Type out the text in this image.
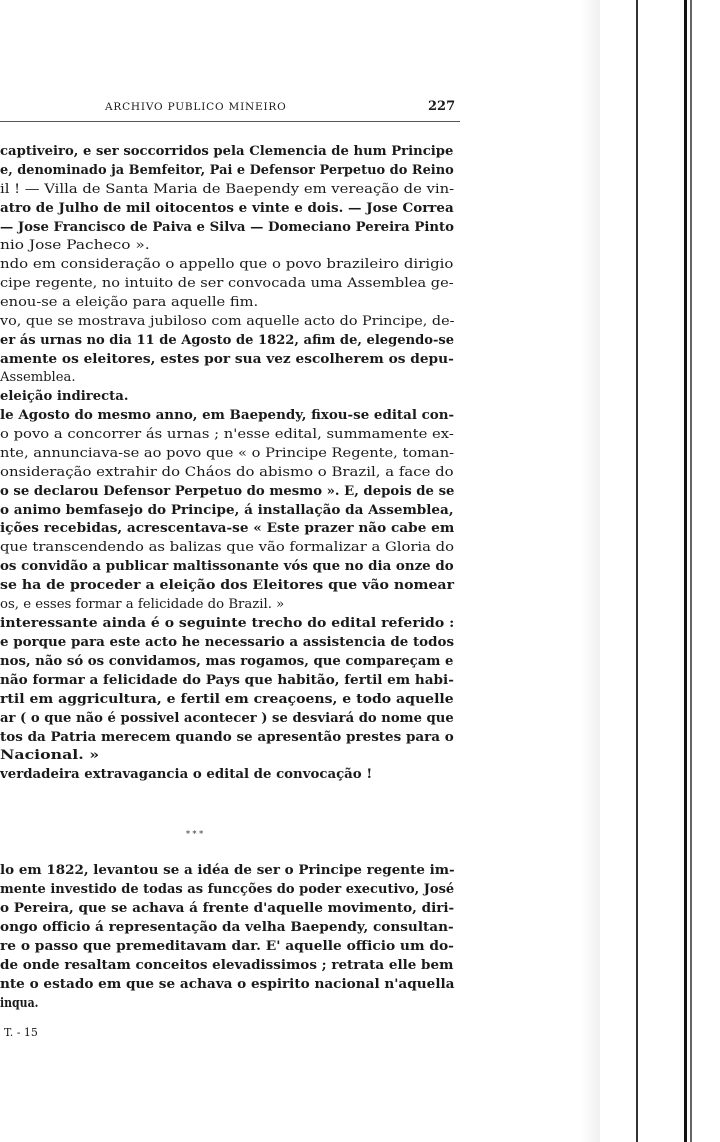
ARCHIVO PUBLICO MINEIRO	227
captiveiro, e ser soccorridos pela Clemencia de hum Principe
e, denominado ja Bemfeitor, Pai e Defensor Perpetuo do Reino
il ! — Villa de Santa Maria de Baependy em vereação de vin-
atro de Julho de mil oitocentos e vinte e dois. — Jose Correa
— Jose Francisco de Paiva e Silva — Domeciano Pereira Pinto
nio Jose Pacheco ».
ndo em consideração o appello que o povo brazileiro dirigio
cipe regente, no intuito de ser convocada uma Assemblea ge-
enou-se a eleição para aquelle fim.
vo, que se mostrava jubiloso com aquelle acto do Principe, de-
er ás urnas no dia 11 de Agosto de 1822, afim de, elegendo-se
amente os eleitores, estes por sua vez escolherem os depu-
Assemblea.
eleição indirecta.
le Agosto do mesmo anno, em Baependy, fixou-se edital con-
o povo a concorrer ás urnas ; n'esse edital, summamente ex-
nte, annunciava-se ao povo que « o Principe Regente, toman-
onsideração extrahir do Cháos do abismo o Brazil, a face do
o se declarou Defensor Perpetuo do mesmo ». E, depois de se
o animo bemfasejo do Principe, á installação da Assemblea,
ições recebidas, acrescentava-se « Este prazer não cabe em
que transcendendo as balizas que vão formalizar a Gloria do
os convidão a publicar maltissonante vós que no dia onze do
se ha de proceder a eleição dos Eleitores que vão nomear
os, e esses formar a felicidade do Brazil. »
interessante ainda é o seguinte trecho do edital referido :
e porque para este acto he necessario a assistencia de todos
nos, não só os convidamos, mas rogamos, que compareçam e
não formar a felicidade do Pays que habitão, fertil em habi-
rtil em aggricultura, e fertil em creaçoens, e todo aquelle
ar ( o que não é possivel acontecer ) se desviará do nome que
tos da Patria merecem quando se apresentão prestes para o
Nacional. »
verdadeira extravagancia o edital de convocação !
lo em 1822, levantou se a idéa de ser o Principe regente im-
mente investido de todas as funcções do poder executivo, José
o Pereira, que se achava á frente d'aquelle movimento, diri-
ongo officio á representação da velha Baependy, consultan-
re o passo que premeditavam dar. E' aquelle officio um do-
de onde resaltam conceitos elevadissimos ; retrata elle bem
nte o estado em que se achava o espirito nacional n'aquella
inqua.
⁎ ⁎ ⁎
T. - 15
